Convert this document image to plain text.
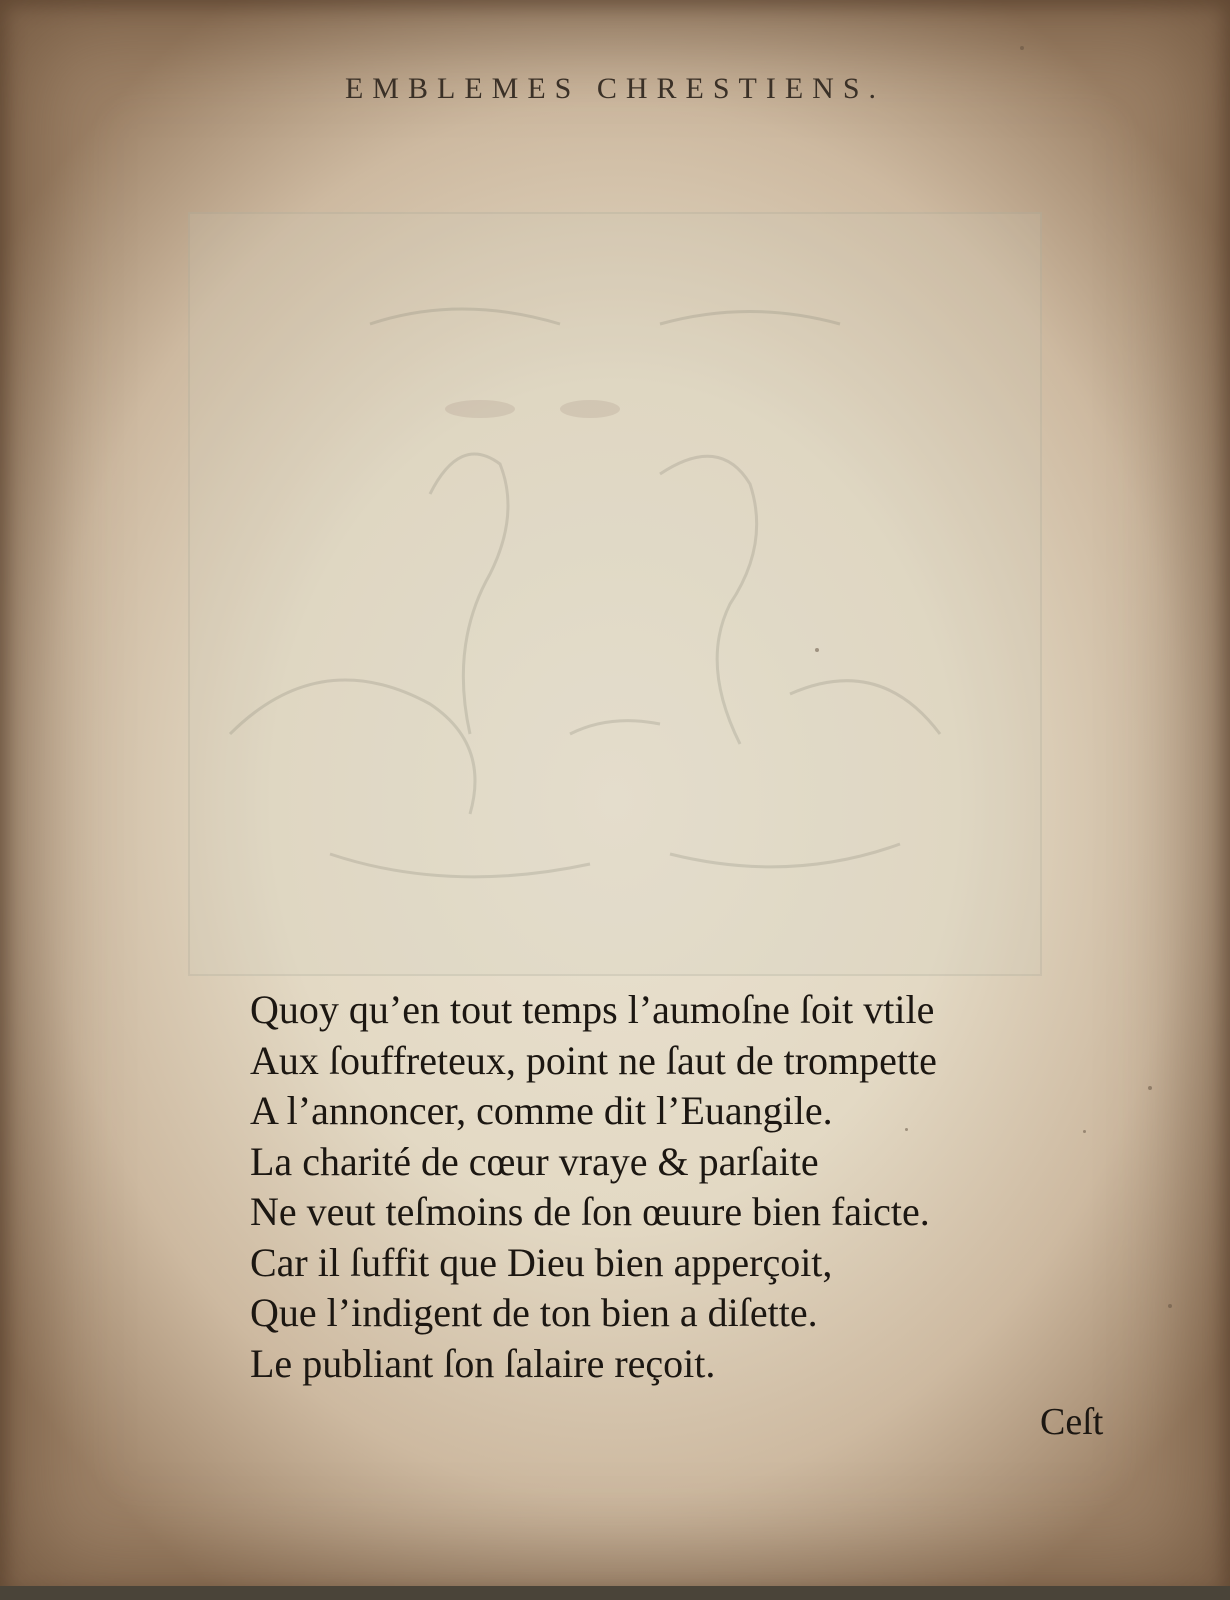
EMBLEMES CHRESTIENS.
Quoy qu’en tout temps l’aumoſne ſoit vtile
Aux ſouffreteux, point ne ſaut de trompette
A l’annoncer, comme dit l’Euangile.
La charité de cœur vraye & parſaite
Ne veut teſmoins de ſon œuure bien faicte.
Car il ſuffit que Dieu bien apperçoit,
Que l’indigent de ton bien a diſette.
Le publiant ſon ſalaire reçoit.
Ceſt
